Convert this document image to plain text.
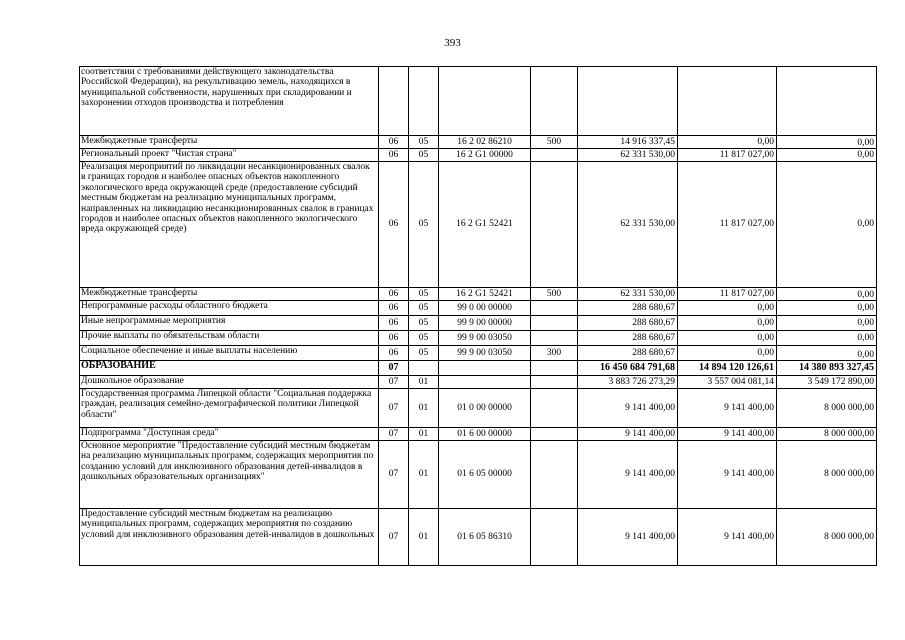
393
соответствии с требованиями действующего законодательства Российской Федерации), на рекультивацию земель, находящихся в муниципальной собственности, нарушенных при складировании и захоронении отходов производства и потребления							
Межбюджетные трансферты	06	05	16 2 02 86210	500	14 916 337,45	0,00	0,00
Региональный проект "Чистая страна"	06	05	16 2 G1 00000		62 331 530,00	11 817 027,00	0,00
Реализация мероприятий по ликвидации несанкционированных свалок в границах городов и наиболее опасных объектов накопленного экологического вреда окружающей среде (предоставление субсидий местным бюджетам на реализацию муниципальных программ, направленных на ликвидацию несанкционированных свалок в границах городов и наиболее опасных объектов накопленного экологического вреда окружающей среде)	06	05	16 2 G1 52421		62 331 530,00	11 817 027,00	0,00
Межбюджетные трансферты	06	05	16 2 G1 52421	500	62 331 530,00	11 817 027,00	0,00
Непрограммные расходы областного бюджета	06	05	99 0 00 00000		288 680,67	0,00	0,00
Иные непрограммные мероприятия	06	05	99 9 00 00000		288 680,67	0,00	0,00
Прочие выплаты по обязательствам области	06	05	99 9 00 03050		288 680,67	0,00	0,00
Социальное обеспечение и иные выплаты населению	06	05	99 9 00 03050	300	288 680,67	0,00	0,00
ОБРАЗОВАНИЕ	07				16 450 684 791,68	14 894 120 126,61	14 380 893 327,45
Дошкольное образование	07	01			3 883 726 273,29	3 557 004 081,14	3 549 172 890,00
Государственная программа Липецкой области "Социальная поддержка граждан, реализация семейно-демографической политики Липецкой области"	07	01	01 0 00 00000		9 141 400,00	9 141 400,00	8 000 000,00
Подпрограмма "Доступная среда"	07	01	01 6 00 00000		9 141 400,00	9 141 400,00	8 000 000,00
Основное мероприятие "Предоставление субсидий местным бюджетам на реализацию муниципальных программ, содержащих мероприятия по созданию условий для инклюзивного образования детей-инвалидов в дошкольных образовательных организациях"	07	01	01 6 05 00000		9 141 400,00	9 141 400,00	8 000 000,00
Предоставление субсидий местным бюджетам на реализацию муниципальных программ, содержащих мероприятия по созданию условий для инклюзивного образования детей-инвалидов в дошкольных	07	01	01 6 05 86310		9 141 400,00	9 141 400,00	8 000 000,00
